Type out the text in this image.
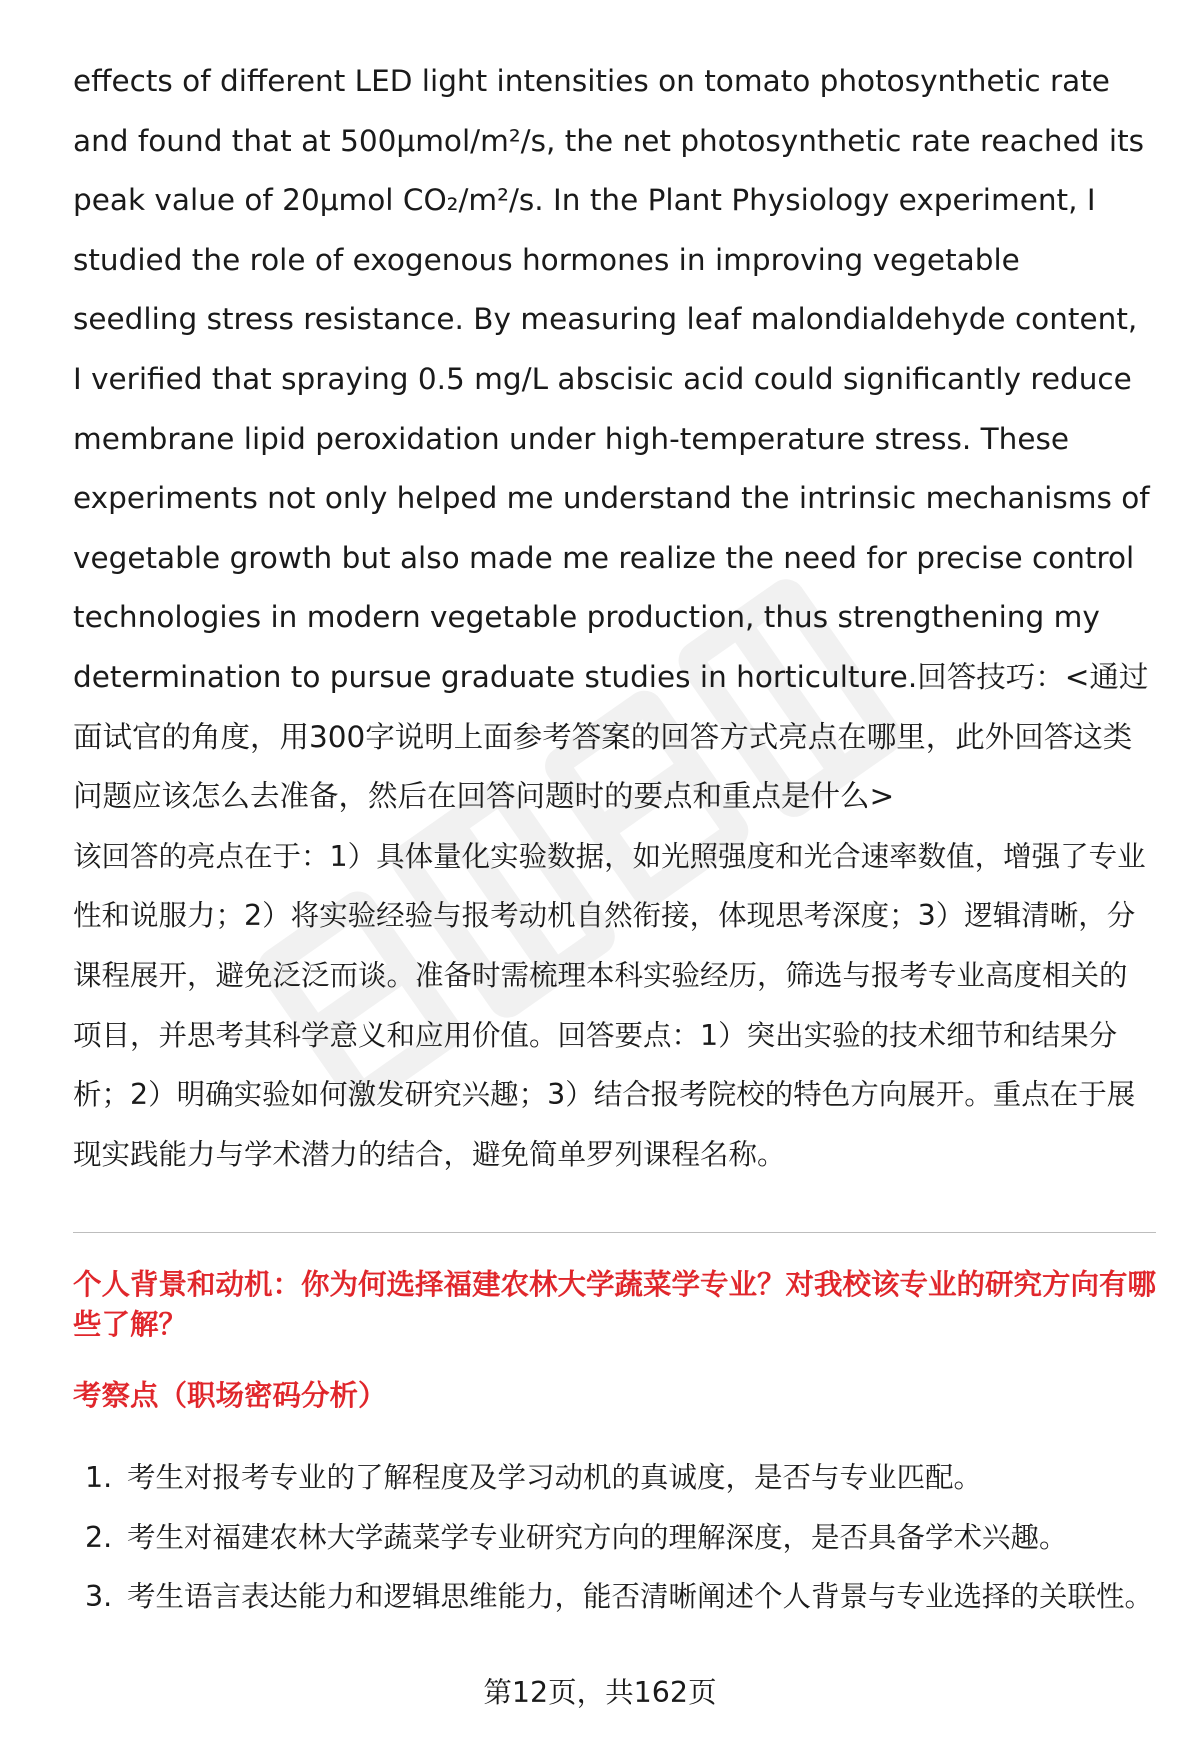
effects of different LED light intensities on tomato photosynthetic rate and found that at 500μmol/m²/s, the net photosynthetic rate reached its peak value of 20μmol CO₂/m²/s. In the Plant Physiology experiment, I studied the role of exogenous hormones in improving vegetable seedling stress resistance. By measuring leaf malondialdehyde content, I verified that spraying 0.5 mg/L abscisic acid could significantly reduce membrane lipid peroxidation under high-temperature stress. These experiments not only helped me understand the intrinsic mechanisms of vegetable growth but also made me realize the need for precise control technologies in modern vegetable production, thus strengthening my determination to pursue graduate studies in horticulture.回答技巧：<通过面试官的角度，用300字说明上面参考答案的回答方式亮点在哪里，此外回答这类问题应该怎么去准备，然后在回答问题时的要点和重点是什么>

该回答的亮点在于：1）具体量化实验数据，如光照强度和光合速率数值，增强了专业性和说服力；2）将实验经验与报考动机自然衔接，体现思考深度；3）逻辑清晰，分课程展开，避免泛泛而谈。准备时需梳理本科实验经历，筛选与报考专业高度相关的项目，并思考其科学意义和应用价值。回答要点：1）突出实验的技术细节和结果分析；2）明确实验如何激发研究兴趣；3）结合报考院校的特色方向展开。重点在于展现实践能力与学术潜力的结合，避免简单罗列课程名称。

个人背景和动机：你为何选择福建农林大学蔬菜学专业？对我校该专业的研究方向有哪些了解？
考察点（职场密码分析）
1. 考生对报考专业的了解程度及学习动机的真诚度，是否与专业匹配。
2. 考生对福建农林大学蔬菜学专业研究方向的理解深度，是否具备学术兴趣。
3. 考生语言表达能力和逻辑思维能力，能否清晰阐述个人背景与专业选择的关联性。
第12页，共162页
